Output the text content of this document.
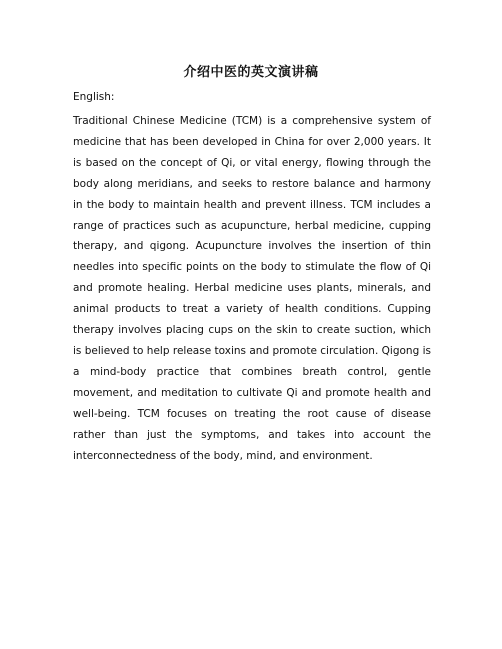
介绍中医的英文演讲稿
English:

Traditional Chinese Medicine (TCM) is a comprehensive system of medicine that has been developed in China for over 2,000 years. It is based on the concept of Qi, or vital energy, flowing through the body along meridians, and seeks to restore balance and harmony in the body to maintain health and prevent illness. TCM includes a range of practices such as acupuncture, herbal medicine, cupping therapy, and qigong. Acupuncture involves the insertion of thin needles into specific points on the body to stimulate the flow of Qi and promote healing. Herbal medicine uses plants, minerals, and animal products to treat a variety of health conditions. Cupping therapy involves placing cups on the skin to create suction, which is believed to help release toxins and promote circulation. Qigong is a mind-body practice that combines breath control, gentle movement, and meditation to cultivate Qi and promote health and well-being. TCM focuses on treating the root cause of disease rather than just the symptoms, and takes into account the interconnectedness of the body, mind, and environment.
